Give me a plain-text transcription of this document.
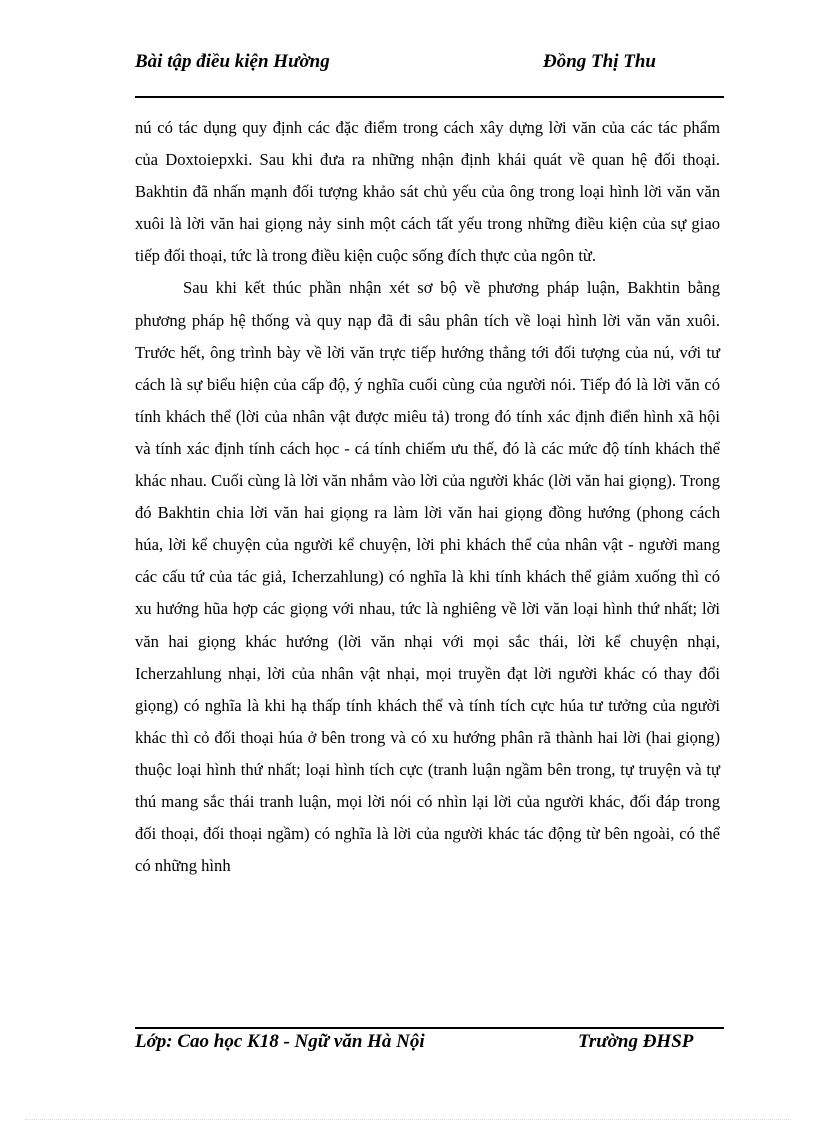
Bài tập điều kiện Hường	Đồng Thị Thu

nú có tác dụng quy định các đặc điểm trong cách xây dựng lời văn của các tác phẩm của Doxtoiepxki. Sau khi đưa ra những nhận định khái quát về quan hệ đối thoại. Bakhtin đã nhấn mạnh đối tượng khảo sát chủ yếu của ông trong loại hình lời văn văn xuôi là lời văn hai giọng nảy sinh một cách tất yếu trong những điều kiện của sự giao tiếp đối thoại, tức là trong điều kiện cuộc sống đích thực của ngôn từ.

Sau khi kết thúc phần nhận xét sơ bộ về phương pháp luận, Bakhtin bằng phương pháp hệ thống và quy nạp đã đi sâu phân tích về loại hình lời văn văn xuôi. Trước hết, ông trình bày về lời văn trực tiếp hướng thẳng tới đối tượng của nú, với tư cách là sự biểu hiện của cấp độ, ý nghĩa cuối cùng của người nói. Tiếp đó là lời văn có tính khách thể (lời của nhân vật được miêu tả) trong đó tính xác định điển hình xã hội và tính xác định tính cách học - cá tính chiếm ưu thế, đó là các mức độ tính khách thể khác nhau. Cuối cùng là lời văn nhắm vào lời của người khác (lời văn hai giọng). Trong đó Bakhtin chia lời văn hai giọng ra làm lời văn hai giọng đồng hướng (phong cách húa, lời kể chuyện của người kể chuyện, lời phi khách thể của nhân vật - người mang các cấu tứ của tác giả, Icherzahlung) có nghĩa là khi tính khách thể giảm xuống thì có xu hướng hũa hợp các giọng với nhau, tức là nghiêng về lời văn loại hình thứ nhất; lời văn hai giọng khác hướng (lời văn nhại với mọi sắc thái, lời kể chuyện nhại, Icherzahlung nhại, lời của nhân vật nhại, mọi truyền đạt lời người khác có thay đổi giọng) có nghĩa là khi hạ thấp tính khách thể và tính tích cực húa tư tưởng của người khác thì cỏ đối thoại húa ở bên trong và có xu hướng phân rã thành hai lời (hai giọng) thuộc loại hình thứ nhất; loại hình tích cực (tranh luận ngầm bên trong, tự truyện và tự thú mang sắc thái tranh luận, mọi lời nói có nhìn lại lời của người khác, đối đáp trong đối thoại, đối thoại ngầm) có nghĩa là lời của người khác tác động từ bên ngoài, có thể có những hình

Lớp: Cao học K18 - Ngữ văn Hà Nội	Trường ĐHSP
